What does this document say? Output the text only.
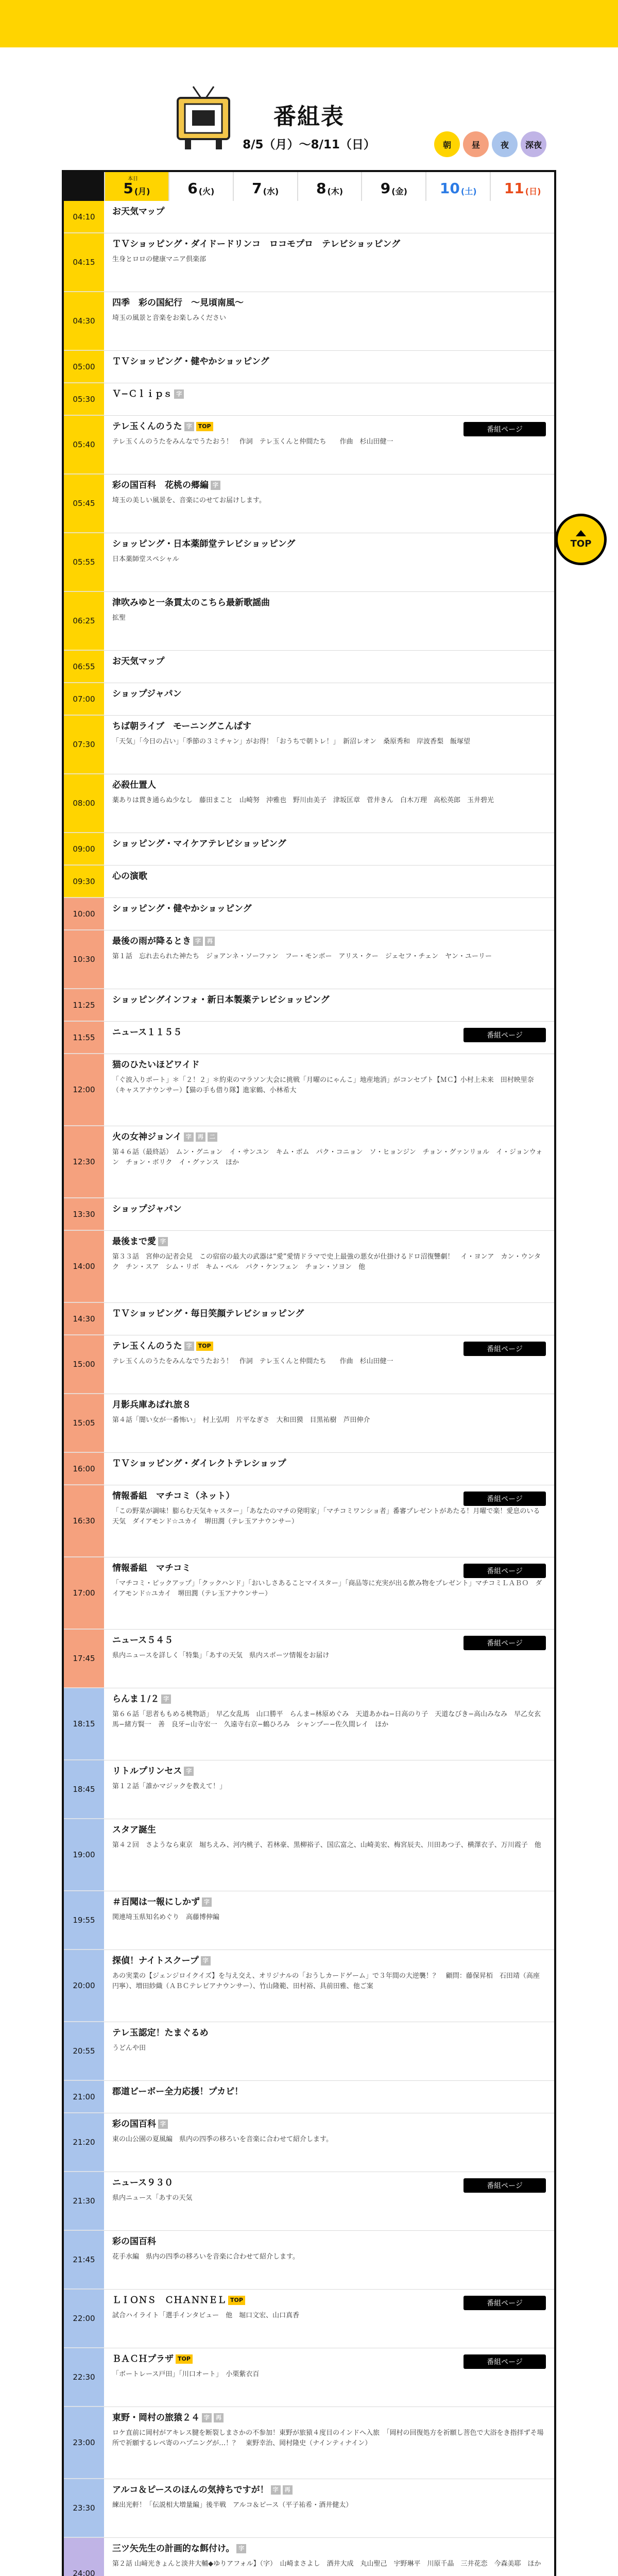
番組表
8/5（月）〜8/11（日）	朝	昼	夜	深夜
本日 5 (月)	6 (火)	7 (水)	8 (木)	9 (金) 10 (土) 11 (日)
04:10	お天気マップ
04:15
ＴＶショッピング・ダイドードリンコ　ロコモプロ　テレビショッピング

生身とロロの健康マニア倶楽部

04:30
四季　彩の国紀行　〜見頃南風〜

埼玉の風景と音楽をお楽しみください

05:00	ＴＶショッピング・健やかショッピング
05:30	Ｖ−Ｃｌｉｐｓ 字
05:40
テレ玉くんのうた 字 TOP

テレ玉くんのうたをみんなでうたおう！　作詞　テレ玉くんと仲間たち　　作曲　杉山田健一

番組ページ
05:45
彩の国百科　花桃の郷編 字

埼玉の美しい風景を、音楽にのせてお届けします。

05:55
ショッピング・日本薬師堂テレビショッピング

日本薬師堂スペシャル

06:25
津吹みゆと一条貫太のこちら最新歌謡曲

拡聖

06:55	お天気マップ
07:00	ショップジャパン
07:30
ちば朝ライブ　モーニングこんぱす

「天気」「今日の占い」「季節の３ミチャン」がお得！「おうちで朝トレ！」　新沼レオン　桑原秀和　岸波香梨　飯塚望

08:00
必殺仕置人

薬ありは貫き通らぬ少なし　藤田まこと　山崎努　沖雅也　野川由美子　津坂匡章　菅井きん　白木万理　高松英郎　玉井碧光

09:00	ショッピング・マイケアテレビショッピング
09:30	心の演歌
10:00	ショッピング・健やかショッピング
10:30
最後の雨が降るとき 字 再

第１話　忘れ去られた神たち　ジョアンネ・ソーファン　フー・モンボー　アリス・クー　ジェセフ・チェン　ヤン・ユーリー

11:25	ショッピングインフォ・新日本製薬テレビショッピング
11:55	ニュース１１５５	番組ページ
12:00
猫のひたいほどワイド

「ぐ波入りポート」＊「２！２」＊約束のマラソン大会に挑戦「月曜のにゃんこ」地産地消」がコンセプト【ＭＣ】小村上未来　田村映里奈（キャスアナウンサー）【猫の手も借り隊】進家鶴、小林希大

12:30
火の女神ジョンイ 字 再 二

第４６話（最終話）　ムン・グニョン　イ・サンユン　キム・ボム　パク・コニョン　ソ・ヒョンジン　チョン・グァンリョル　イ・ジョンウォン　チョン・ボリク　イ・グァンス　ほか

13:30	ショップジャパン
14:00
最後まで愛 字

第３３話　宮伸の記者会見　この宿宿の最大の武器は“愛”愛情ドラマで史上最強の悪女が仕掛けるドロ沼復讐劇！　イ・ヨンア　カン・ウンタク　チン・スア　シム・リボ　キム・ペル　パク・ケンフェン　チョン・ソヨン　他

14:30	ＴＶショッピング・毎日笑顔テレビショッピング
15:00
テレ玉くんのうた 字 TOP

テレ玉くんのうたをみんなでうたおう！　作詞　テレ玉くんと仲間たち　　作曲　杉山田健一

番組ページ
15:05
月影兵庫あばれ旅８

第４話「闇い女が一番怖い」　村上弘明　片平なぎさ　大和田獏　目黒祐樹　芦田伸介

16:00	ＴＶショッピング・ダイレクトテレショップ
16:30
情報番組　マチコミ（ネット）

「この野菜が調味！膨らむ天気キャスター」「あなたのマチの発明家」「マチコミワンショ者」番審プレゼントがあたる！月曜で楽！愛息のいる天気　ダイアモンド☆ユカイ　堺田潤（テレ玉アナウンサー）

番組ページ
17:00
情報番組　マチコミ

「マチコミ・ピックアップ」「クックハンド」「おいしさあることマイスター」「商品等に充実が出る飲み物をプレゼント」マチコミＬＡＢＯ　ダイアモンド☆ユカイ　堺田潤（テレ玉アナウンサー）

番組ページ
17:45
ニュース５４５

県内ニュースを詳しく「特集」「あすの天気　県内スポーツ情報をお届け

番組ページ
18:15
らんま１/２ 字

第６６話「思者ももめる桃物語」　早乙女乱馬　山口勝平　らんま−林原めぐみ　天道あかね−日高のり子　天道なびき−高山みなみ　早乙女玄馬−緒方賢一　善　良牙−山寺宏一　久遠寺右京−鶴ひろみ　シャンプー−佐久間レイ　ほか

18:45
リトルプリンセス 字

第１２話「誰かマジックを教えて！」

19:00
スタア誕生

第４２回　さようなら東京　堀ちえみ、河内桃子、若林豪、黒柳裕子、国広富之、山崎美宏、梅宮辰夫、川田あつ子、横澤衣子、万川霞子　他

19:55
＃百聞は一報にしかず 字

関連埼玉県知名めぐり　高藤博伸編

20:00
探偵！ナイトスクープ 字

あの実業の【ジェンジロイクイズ】を与え交え、オリジナルの「おうしカードゲーム」で３年間の大逆襲！？　顧問：藤保昇栢　石田靖（高座円寧）、増田紗織（ＡＢＣテレビアナウンサー）、竹山隆範、田村裕、具前田雅、他ご案

20:55
テレ玉認定！たまぐるめ

うどんや田

21:00	郡道ビーボー全力応援！プカピ！
21:20
彩の国百科 字

東の山公園の夏風編　県内の四季の移ろいを音楽に合わせて紹介します。

21:30
ニュース９３０

県内ニュース「あすの天気

番組ページ
21:45
彩の国百科

花手水編　県内の四季の移ろいを音楽に合わせて紹介します。

22:00
ＬＩＯＮＳ　ＣＨＡＮＮＥＬ TOP

試合ハイライト「選手インタビュー　他　堀口文宏、山口真香

番組ページ
22:30
ＢＡＣＨプラザ TOP

「ボートレース戸田」「川口オート」　小栗紫衣百

番組ページ
23:00
東野・岡村の旅猿２４ 字 再

ロケ直前に岡村がアキレス腱を断裂しまさかの不参加！東野が旅猿４度目のインドへ入旅　「岡村の回復処方を祈願し菩色で大浴をき指拝ずそ場所で祈願するレペ寄のハプニングが…！？　東野幸治、岡村隆史（ナインティナイン）

23:30
アルコ＆ピースのほんの気持ちですが！ 字 再

練出光軒！「伝説相大増量編」後半戦　アルコ＆ピース（平子祐希・酒井健太）

24:00
三ツ矢先生の計画的な餌付け。 字

第２話 山﨑光きょんと淡井大輔◆ゆりアフォル】（字）　山崎まさよし　酒井大成　丸山聖己　宇野琳平　川原千晶　三井花恋　今森美耶　ほか

TOP
